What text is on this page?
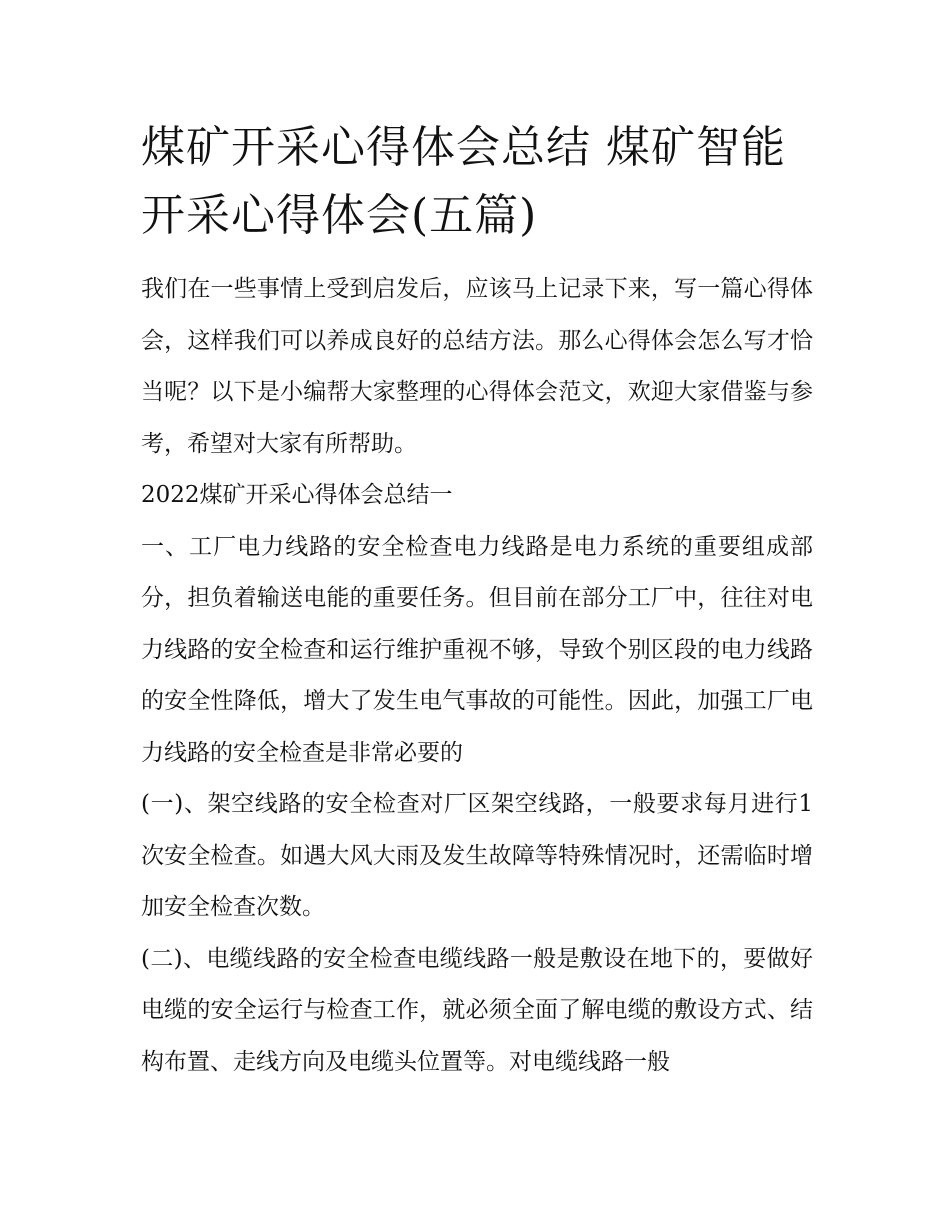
煤矿开采心得体会总结 煤矿智能开采心得体会(五篇)

我们在一些事情上受到启发后，应该马上记录下来，写一篇心得体会，这样我们可以养成良好的总结方法。那么心得体会怎么写才恰当呢？以下是小编帮大家整理的心得体会范文，欢迎大家借鉴与参考，希望对大家有所帮助。

2022煤矿开采心得体会总结一

一、工厂电力线路的安全检查电力线路是电力系统的重要组成部分，担负着输送电能的重要任务。但目前在部分工厂中，往往对电力线路的安全检查和运行维护重视不够，导致个别区段的电力线路的安全性降低，增大了发生电气事故的可能性。因此，加强工厂电力线路的安全检查是非常必要的

(一)、架空线路的安全检查对厂区架空线路，一般要求每月进行1次安全检查。如遇大风大雨及发生故障等特殊情况时，还需临时增加安全检查次数。

(二)、电缆线路的安全检查电缆线路一般是敷设在地下的，要做好电缆的安全运行与检查工作，就必须全面了解电缆的敷设方式、结构布置、走线方向及电缆头位置等。对电缆线路一般
